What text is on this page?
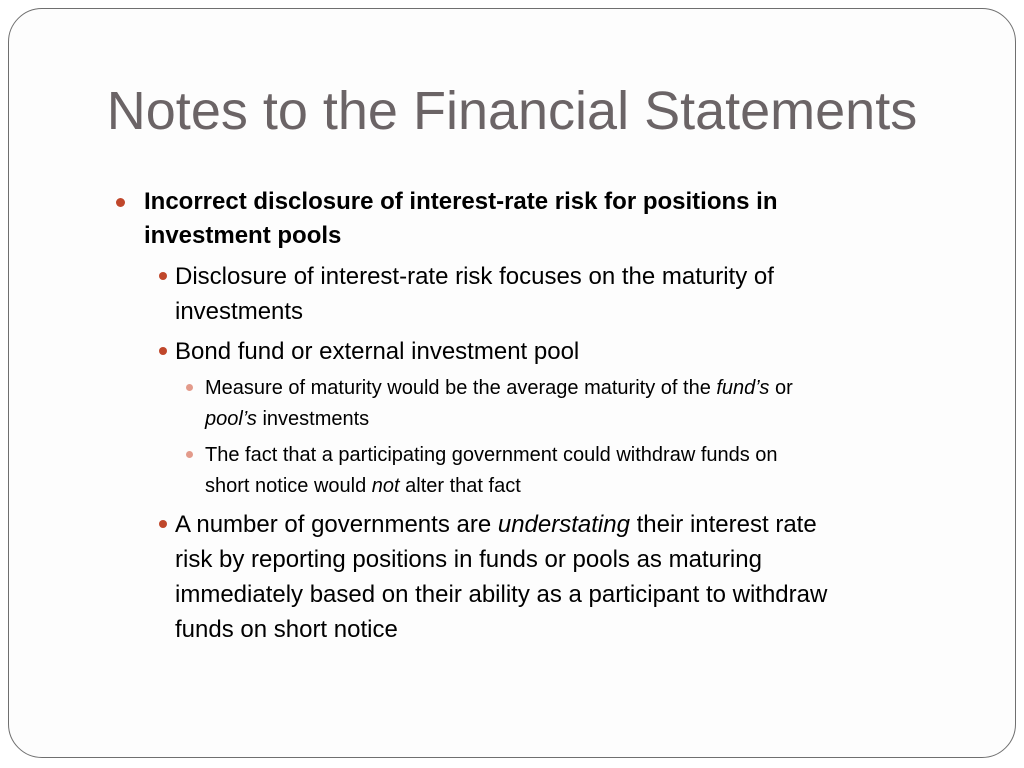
Notes to the Financial Statements

Incorrect disclosure of interest-rate risk for positions in
investment pools

Disclosure of interest-rate risk focuses on the maturity of
investments

Bond fund or external investment pool

Measure of maturity would be the average maturity of the fund’s or
pool’s investments

The fact that a participating government could withdraw funds on
short notice would not alter that fact

A number of governments are understating their interest rate
risk by reporting positions in funds or pools as maturing
immediately based on their ability as a participant to withdraw
funds on short notice
